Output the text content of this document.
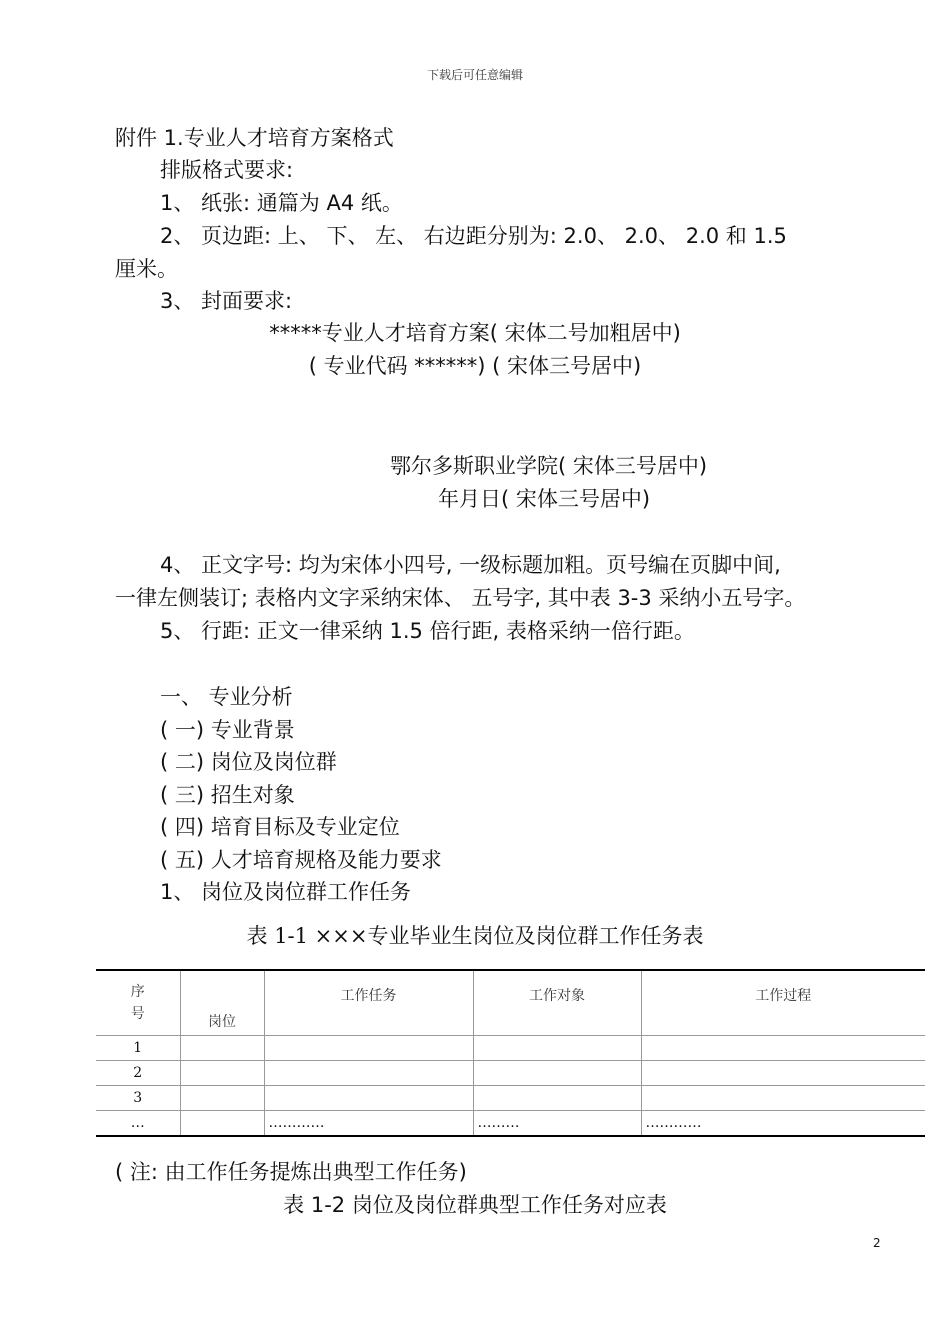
下载后可任意编辑
附件 1.专业人才培育方案格式
排版格式要求:
1、 纸张: 通篇为 A4 纸。
2、 页边距: 上、 下、 左、 右边距分别为: 2.0、 2.0、 2.0 和 1.5
厘米。
3、 封面要求:
*****专业人才培育方案( 宋体二号加粗居中)
( 专业代码 ******) ( 宋体三号居中)
鄂尔多斯职业学院( 宋体三号居中)
年月日( 宋体三号居中)
4、 正文字号: 均为宋体小四号, 一级标题加粗。页号编在页脚中间,
一律左侧装订; 表格内文字采纳宋体、 五号字, 其中表 3-3 采纳小五号字。
5、 行距: 正文一律采纳 1.5 倍行距, 表格采纳一倍行距。
一、 专业分析
( 一) 专业背景
( 二) 岗位及岗位群
( 三) 招生对象
( 四) 培育目标及专业定位
( 五) 人才培育规格及能力要求
1、 岗位及岗位群工作任务
表 1-1 ×××专业毕业生岗位及岗位群工作任务表
序
号	岗位	工作任务	工作对象	工作过程
1				
2				
3				
…		…………	………	…………
( 注: 由工作任务提炼出典型工作任务)
表 1-2 岗位及岗位群典型工作任务对应表
2
